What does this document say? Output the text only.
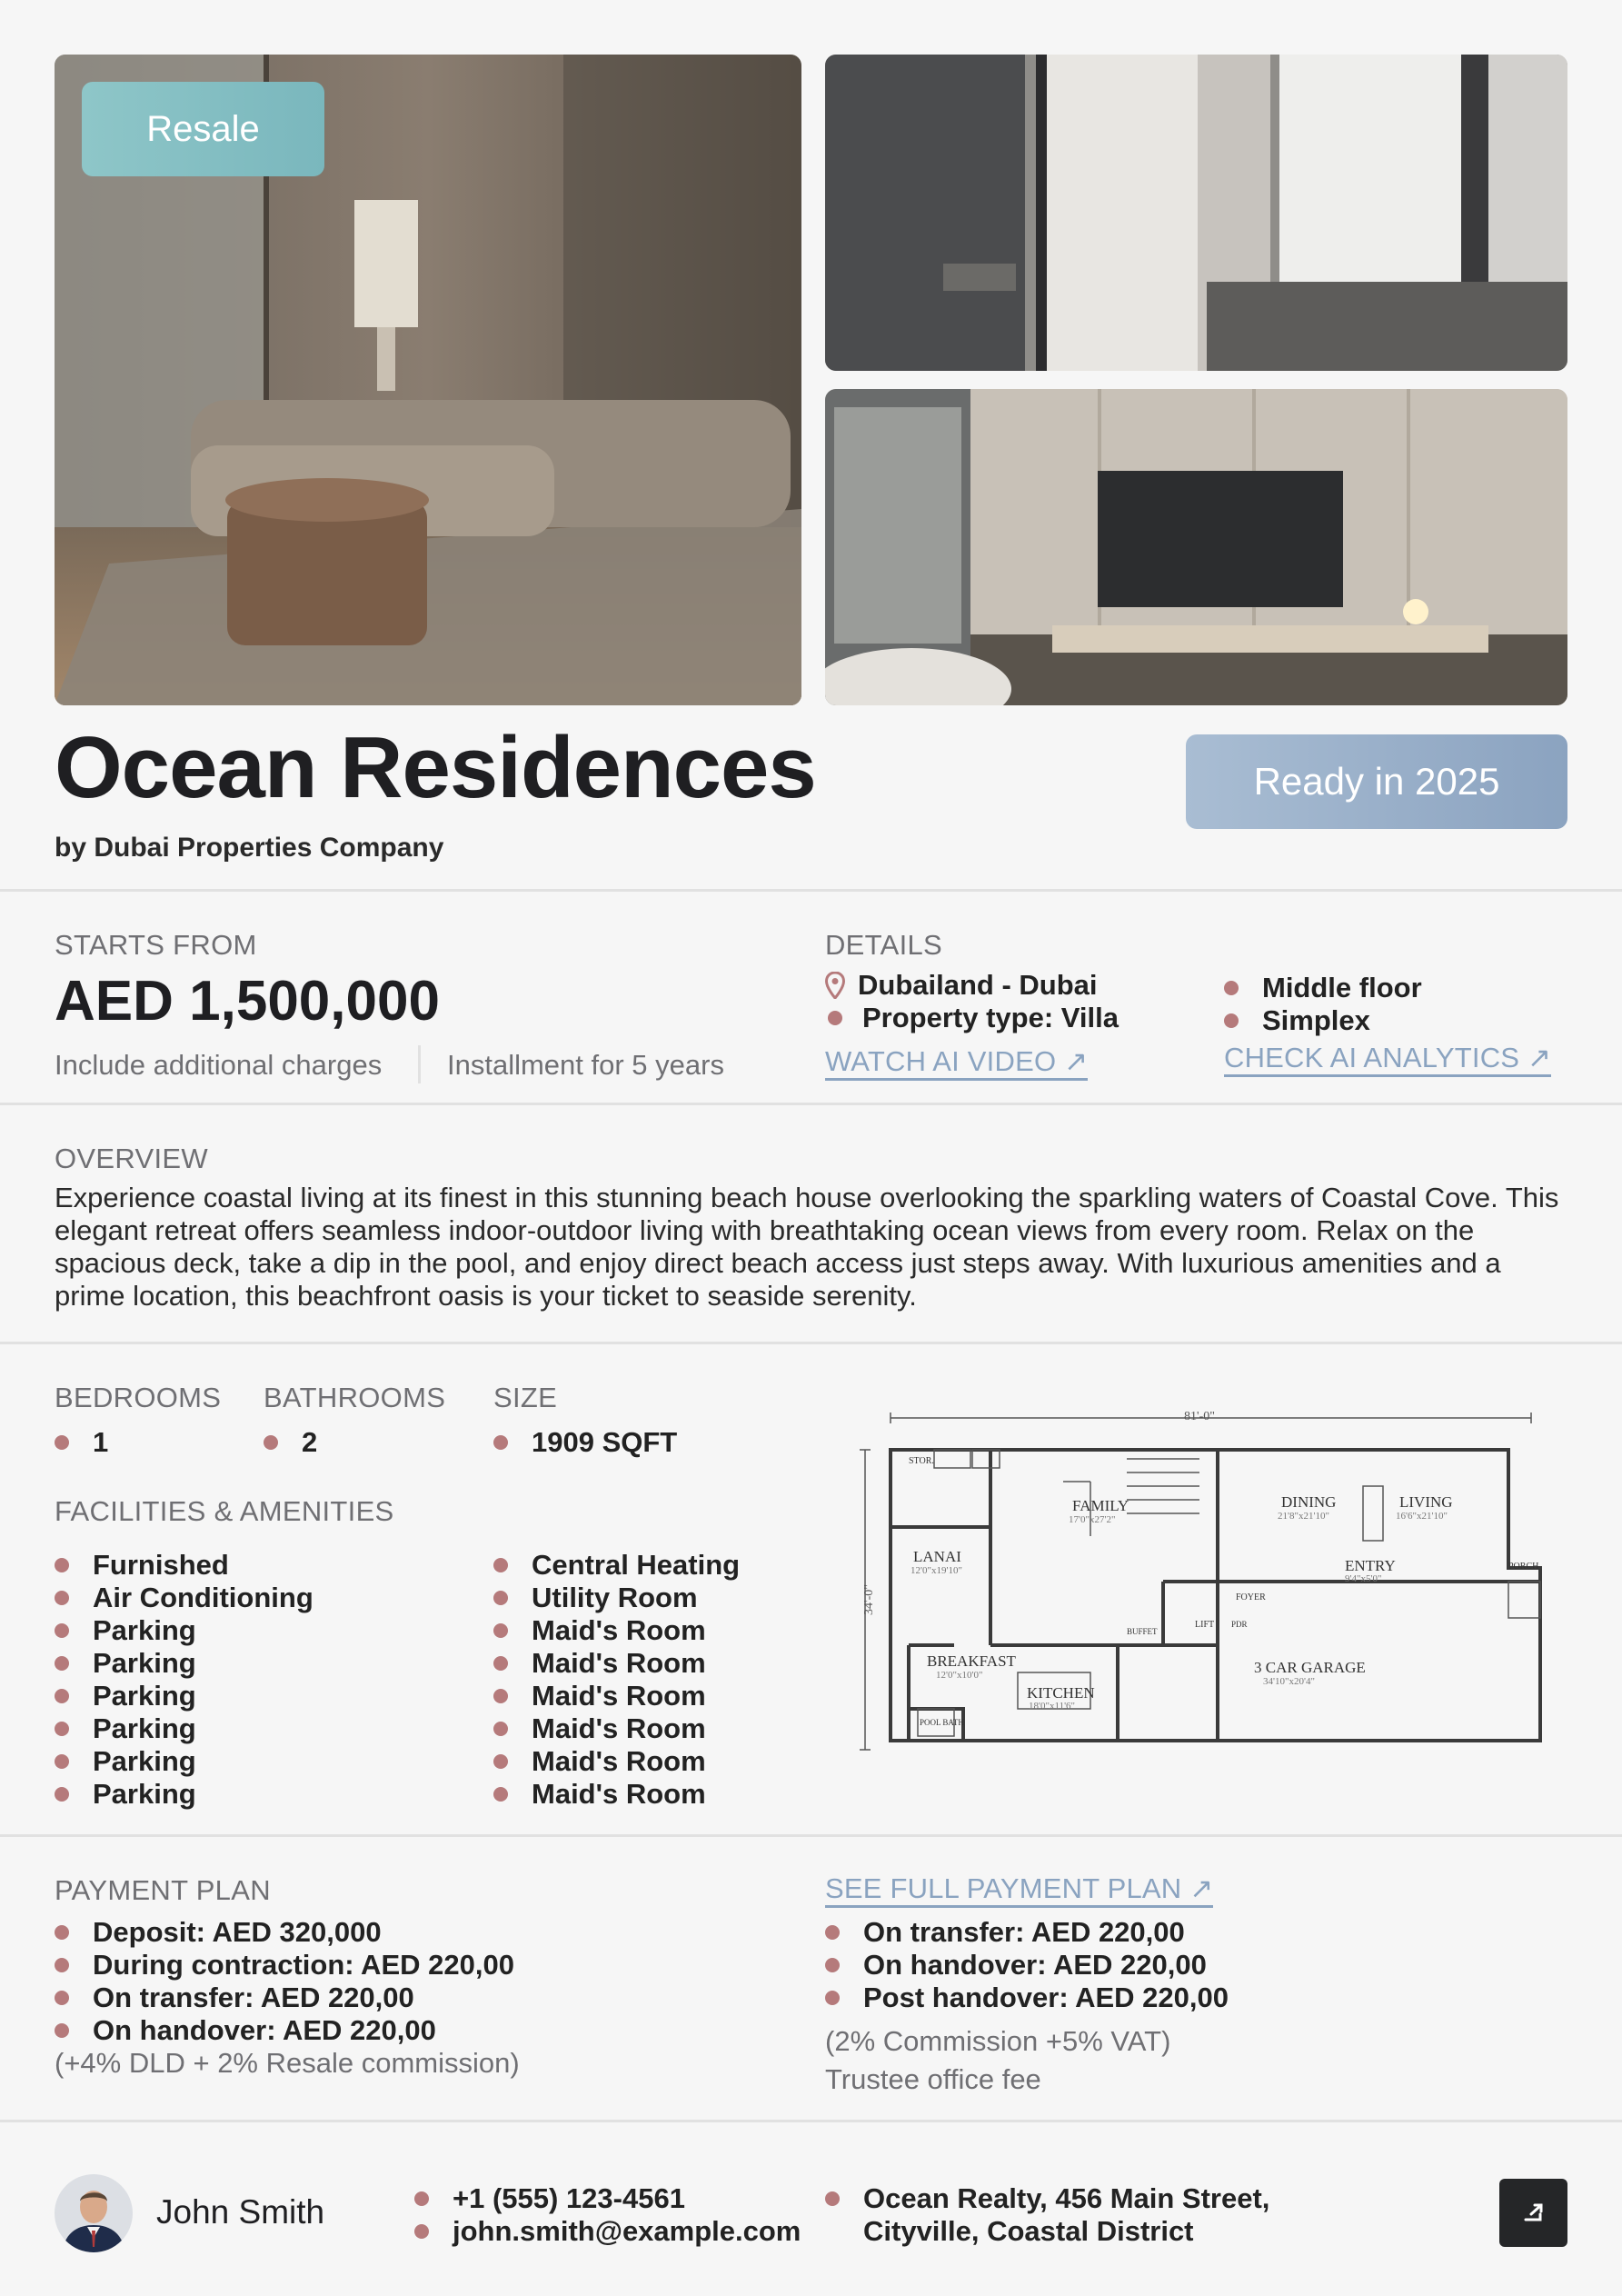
Resale
Ocean Residences
by Dubai Properties Company
Ready in 2025
STARTS FROM
AED 1,500,000
Include additional charges Installment for 5 years
DETAILS
Dubailand - Dubai
Property type: Villa
Middle floor
Simplex
WATCH AI VIDEO ↗	CHECK AI ANALYTICS ↗
OVERVIEW
Experience coastal living at its finest in this stunning beach house overlooking the sparkling waters of Coastal Cove. This elegant retreat offers seamless indoor-outdoor living with breathtaking ocean views from every room. Relax on the spacious deck, take a dip in the pool, and enjoy direct beach access just steps away. With luxurious amenities and a prime location, this beachfront oasis is your ticket to seaside serenity.
BEDROOMS
1
BATHROOMS
2
SIZE
1909 SQFT
FACILITIES & AMENITIES
Furnished
Air Conditioning
Parking
Parking
Parking
Parking
Parking
Parking
Central Heating
Utility Room
Maid's Room
Maid's Room
Maid's Room
Maid's Room
Maid's Room
Maid's Room
81'-0"
34'-0"
FAMILY	DINING	LIVING
LANAI
ENTRY	PORCH
BREAKFAST
KITCHEN
3 CAR GARAGE
STOR.
POOL BATH
FOYER
LIFT
BUFFET
PDR
17'0"x27'2"	21'8"x21'10"	16'6"x21'10"
12'0"x19'10"
9'4"x5'0"
12'0"x10'0"
18'0"x11'6"
34'10"x20'4"
PAYMENT PLAN
Deposit: AED 320,000
During contraction: AED 220,00
On transfer: AED 220,00
On handover: AED 220,00
(+4% DLD + 2% Resale commission)
SEE FULL PAYMENT PLAN ↗
On transfer: AED 220,00
On handover: AED 220,00
Post handover: AED 220,00
(2% Commission +5% VAT)
Trustee office fee
John Smith	+1 (555) 123-4561
john.smith@example.com
Ocean Realty, 456 Main Street,
Cityville, Coastal District
